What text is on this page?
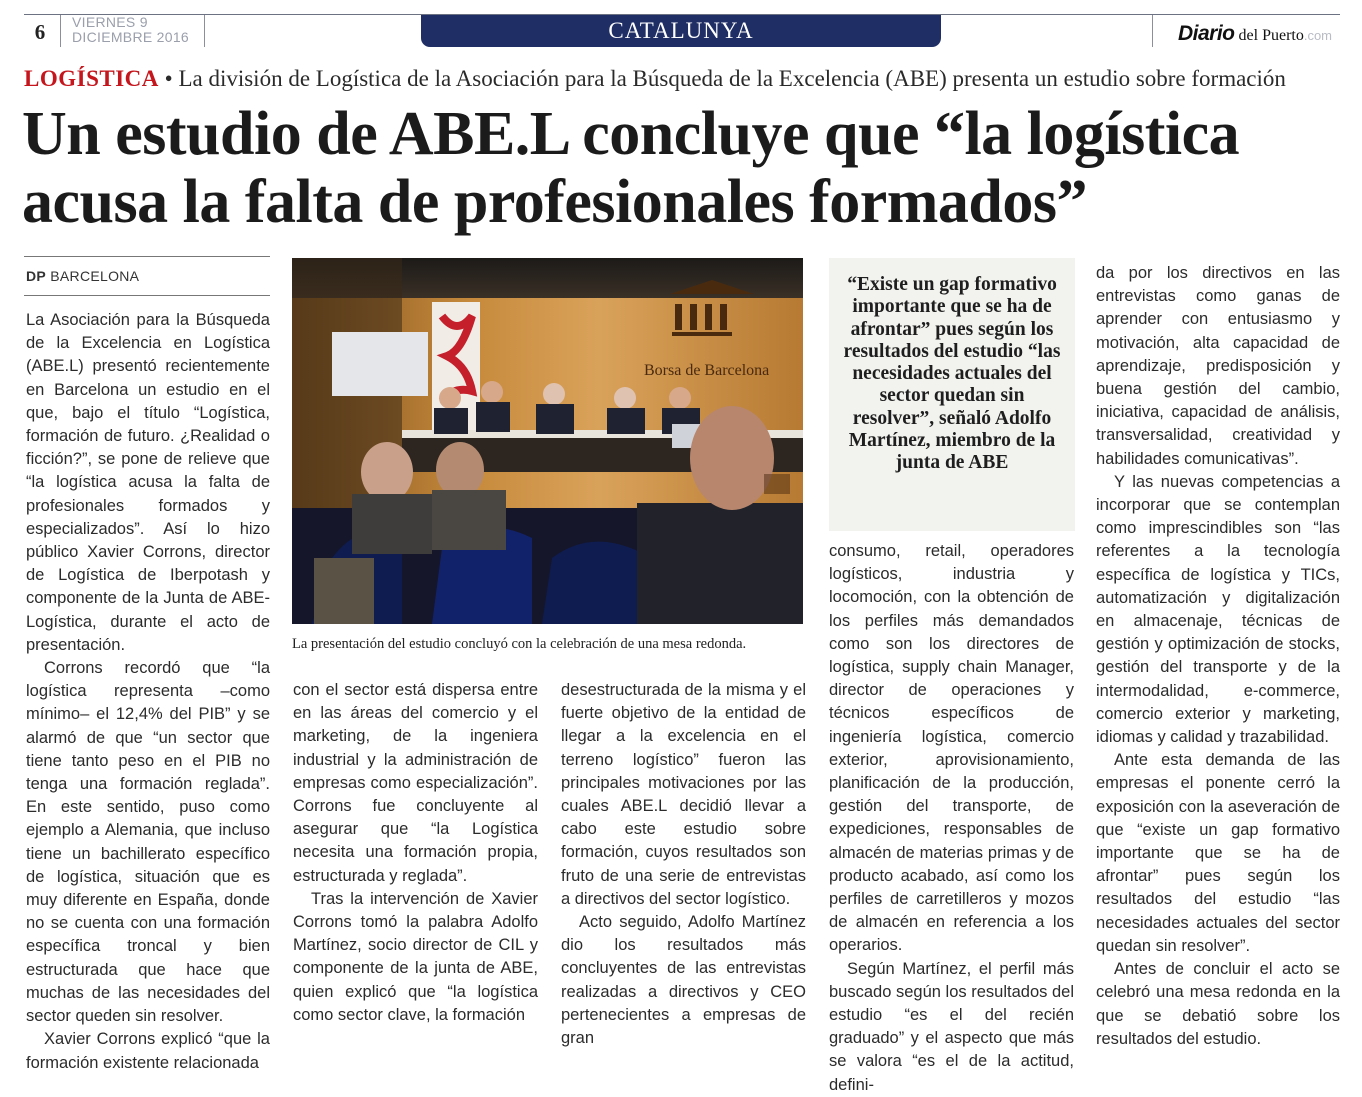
6	VIERNES 9
DICIEMBRE 2016	CATALUNYA	Diario del Puerto.com
LOGÍSTICA • La división de Logística de la Asociación para la Búsqueda de la Excelencia (ABE) presenta un estudio sobre formación
Un estudio de ABE.L concluye que “la logística acusa la falta de profesionales formados”
DP BARCELONA

La Asociación para la Búsqueda de la Excelencia en Logística (ABE.L) presentó recientemente en Barcelona un estudio en el que, bajo el título “Logística, formación de futuro. ¿Realidad o ficción?”, se pone de relieve que “la logística acusa la falta de profesionales formados y especializados”. Así lo hizo público Xavier Corrons, director de Logística de Iberpotash y componente de la Junta de ABE-Logística, durante el acto de presentación.

Corrons recordó que “la logística representa –como mínimo– el 12,4% del PIB” y se alarmó de que “un sector que tiene tanto peso en el PIB no tenga una formación reglada”. En este sentido, puso como ejemplo a Alemania, que incluso tiene un bachillerato específico de logística, situación que es muy diferente en España, donde no se cuenta con una formación específica troncal y bien estructurada que hace que muchas de las necesidades del sector queden sin resolver.

Xavier Corrons explicó “que la formación existente relacionada

Borsa de Barcelona
La presentación del estudio concluyó con la celebración de una mesa redonda.
“Existe un gap formativo importante que se ha de afrontar” pues según los resultados del estudio “las necesidades actuales del sector quedan sin resolver”, señaló Adolfo Martínez, miembro de la junta de ABE

con el sector está dispersa entre en las áreas del comercio y el marketing, de la ingeniera industrial y la administración de empresas como especialización”. Corrons fue concluyente al asegurar que “la Logística necesita una formación propia, estructurada y reglada”.

Tras la intervención de Xavier Corrons tomó la palabra Adolfo Martínez, socio director de CIL y componente de la junta de ABE, quien explicó que “la logística como sector clave, la formación

desestructurada de la misma y el fuerte objetivo de la entidad de llegar a la excelencia en el terreno logístico” fueron las principales motivaciones por las cuales ABE.L decidió llevar a cabo este estudio sobre formación, cuyos resultados son fruto de una serie de entrevistas a directivos del sector logístico.

Acto seguido, Adolfo Martínez dio los resultados más concluyentes de las entrevistas realizadas a directivos y CEO pertenecientes a empresas de gran

consumo, retail, operadores logísticos, industria y locomoción, con la obtención de los perfiles más demandados como son los directores de logística, supply chain Manager, director de operaciones y técnicos específicos de ingeniería logística, comercio exterior, aprovisionamiento, planificación de la producción, gestión del transporte, de expediciones, responsables de almacén de materias primas y de producto acabado, así como los perfiles de carretilleros y mozos de almacén en referencia a los operarios.

Según Martínez, el perfil más buscado según los resultados del estudio “es el del recién graduado” y el aspecto que más se valora “es el de la actitud, defini-

da por los directivos en las entrevistas como ganas de aprender con entusiasmo y motivación, alta capacidad de aprendizaje, predisposición y buena gestión del cambio, iniciativa, capacidad de análisis, transversalidad, creatividad y habilidades comunicativas”.

Y las nuevas competencias a incorporar que se contemplan como imprescindibles son “las referentes a la tecnología específica de logística y TICs, automatización y digitalización en almacenaje, técnicas de gestión y optimización de stocks, gestión del transporte y de la intermodalidad, e-commerce, comercio exterior y marketing, idiomas y calidad y trazabilidad.

Ante esta demanda de las empresas el ponente cerró la exposición con la aseveración de que “existe un gap formativo importante que se ha de afrontar” pues según los resultados del estudio “las necesidades actuales del sector quedan sin resolver”.

Antes de concluir el acto se celebró una mesa redonda en la que se debatió sobre los resultados del estudio.
